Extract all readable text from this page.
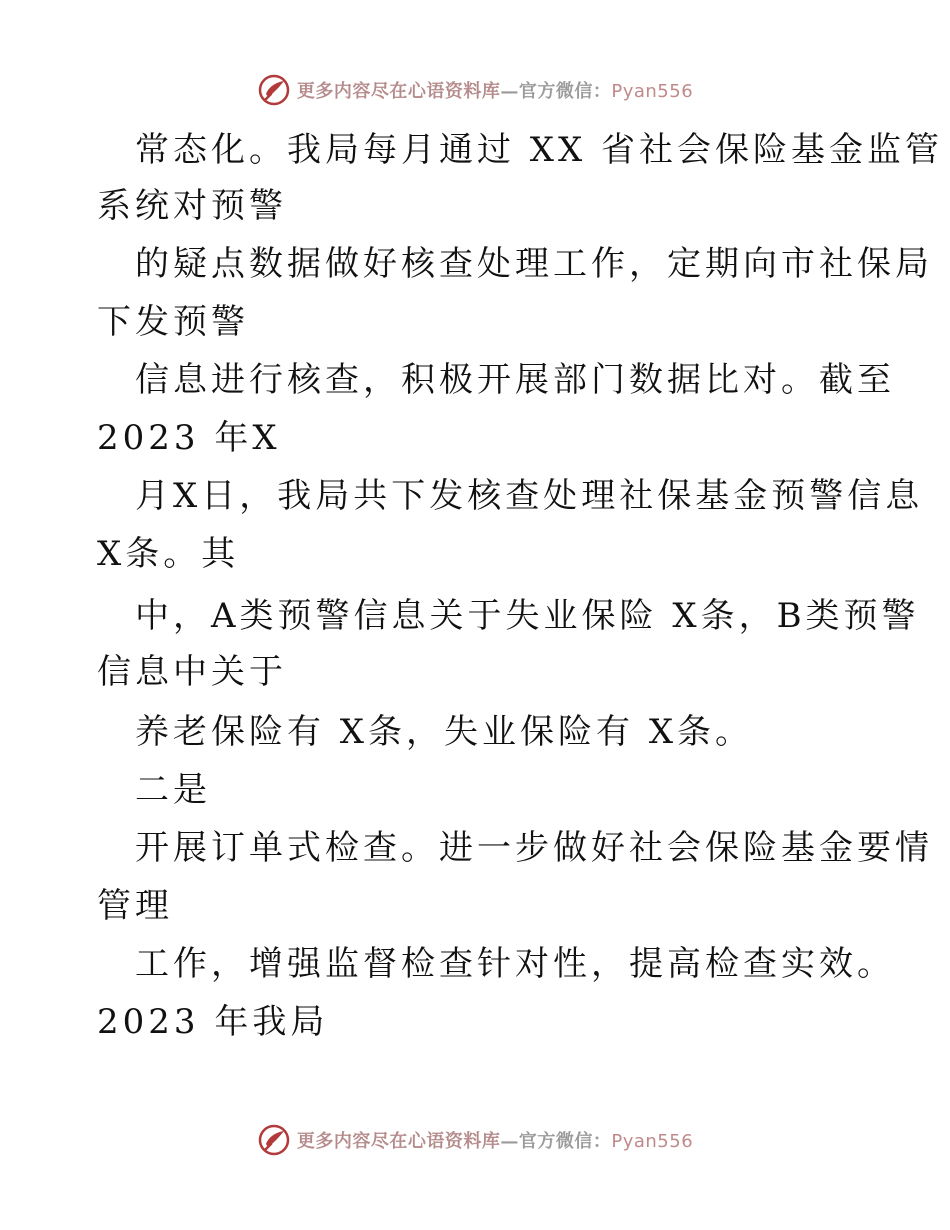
更多内容尽在心语资料库—官方微信：Pyan556
常态化。我局每月通过 XX 省社会保险基金监管
系统对预警
的疑点数据做好核查处理工作，定期向市社保局
下发预警
信息进行核查，积极开展部门数据比对。截至
2023 年X
月X日，我局共下发核查处理社保基金预警信息
X条。其
中，A类预警信息关于失业保险 X条，B类预警
信息中关于
养老保险有 X条，失业保险有 X条。
二是
开展订单式检查。进一步做好社会保险基金要情
管理
工作，增强监督检查针对性，提高检查实效。
2023 年我局
更多内容尽在心语资料库—官方微信：Pyan556
